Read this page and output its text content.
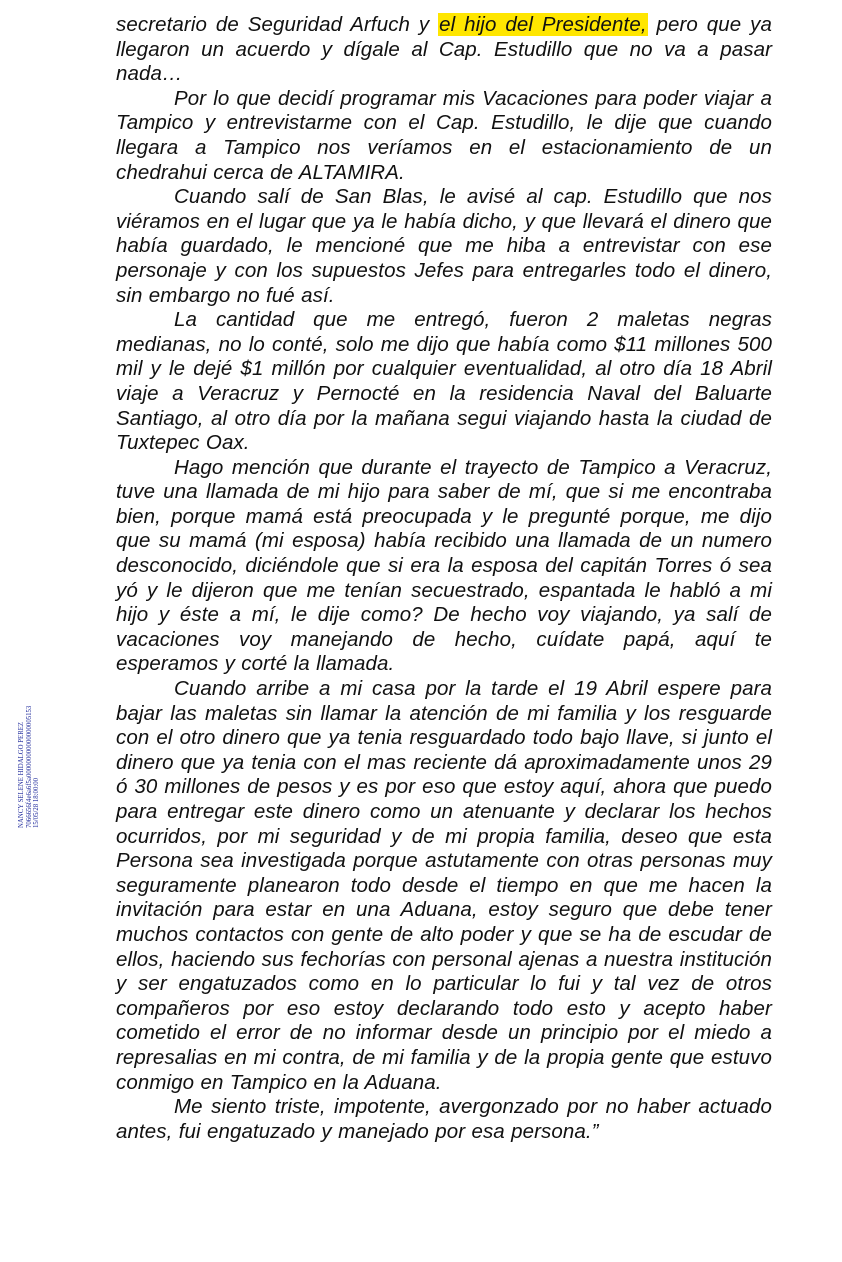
secretario de Seguridad Arfuch y el hijo del Presidente, pero que ya llegaron un acuerdo y dígale al Cap. Estudillo que no va a pasar nada…

Por lo que decidí programar mis Vacaciones para poder viajar a Tampico y entrevistarme con el Cap. Estudillo, le dije que cuando llegara a Tampico nos veríamos en el estacionamiento de un chedrahui cerca de ALTAMIRA.

Cuando salí de San Blas, le avisé al cap. Estudillo que nos viéramos en el lugar que ya le había dicho, y que llevará el dinero que había guardado, le mencioné que me hiba a entrevistar con ese personaje y con los supuestos Jefes para entregarles todo el dinero, sin embargo no fué así.

La cantidad que me entregó, fueron 2 maletas negras medianas, no lo conté, solo me dijo que había como $11 millones 500 mil y le dejé $1 millón por cualquier eventualidad, al otro día 18 Abril viaje a Veracruz y Pernocté en la residencia Naval del Baluarte Santiago, al otro día por la mañana segui viajando hasta la ciudad de Tuxtepec Oax.

Hago mención que durante el trayecto de Tampico a Veracruz, tuve una llamada de mi hijo para saber de mí, que si me encontraba bien, porque mamá está preocupada y le pregunté porque, me dijo que su mamá (mi esposa) había recibido una llamada de un numero desconocido, diciéndole que si era la esposa del capitán Torres ó sea yó y le dijeron que me tenían secuestrado, espantada le habló a mi hijo y éste a mí, le dije como? De hecho voy viajando, ya salí de vacaciones voy manejando de hecho, cuídate papá, aquí te esperamos y corté la llamada.

Cuando arribe a mi casa por la tarde el 19 Abril espere para bajar las maletas sin llamar la atención de mi familia y los resguarde con el otro dinero que ya tenia resguardado todo bajo llave, si junto el dinero que ya tenia con el mas reciente dá aproximadamente unos 29 ó 30 millones de pesos y es por eso que estoy aquí, ahora que puedo para entregar este dinero como un atenuante y declarar los hechos ocurridos, por mi seguridad y de mi propia familia, deseo que esta Persona sea investigada porque astutamente con otras personas muy seguramente planearon todo desde el tiempo en que me hacen la invitación para estar en una Aduana, estoy seguro que debe tener muchos contactos con gente de alto poder y que se ha de escudar de ellos, haciendo sus fechorías con personal ajenas a nuestra institución y ser engatuzados como en lo particular lo fui y tal vez de otros compañeros por eso estoy declarando todo esto y acepto haber cometido el error de no informar desde un principio por el miedo a represalias en mi contra, de mi familia y de la propia gente que estuvo conmigo en Tampico en la Aduana.

Me siento triste, impotente, avergonzado por no haber actuado antes, fui engatuzado y manejado por esa persona.”

NANCY SELENE HIDALGO PEREZ 7066656f4e6a6f5a000000000000000005153 15/05/28 18:00:00
